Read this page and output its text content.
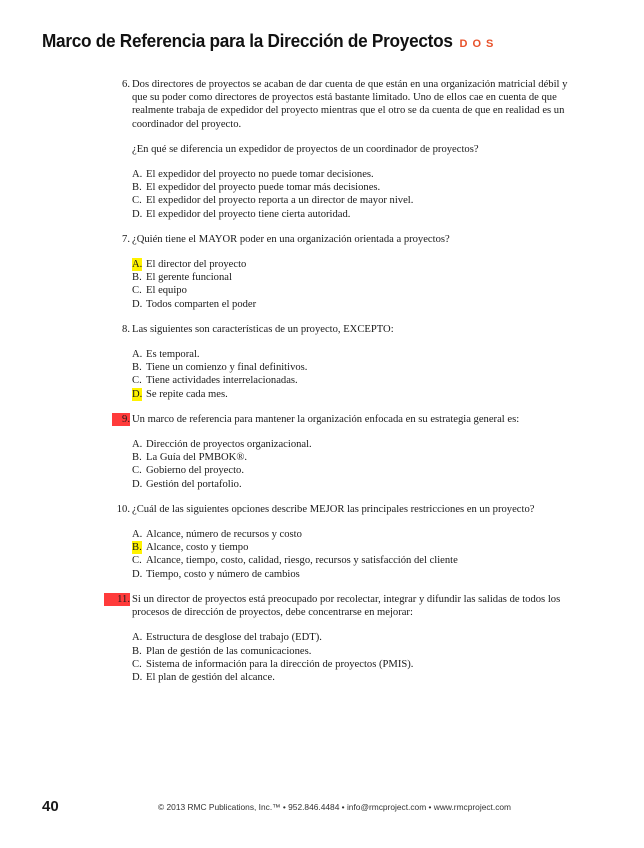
Marco de Referencia para la Dirección de Proyectos DOS
6. Dos directores de proyectos se acaban de dar cuenta de que están en una organización matricial débil y que su poder como directores de proyectos está bastante limitado. Uno de ellos cae en cuenta de que realmente trabaja de expedidor del proyecto mientras que el otro se da cuenta de que en realidad es un coordinador del proyecto.

¿En qué se diferencia un expedidor de proyectos de un coordinador de proyectos?

A. El expedidor del proyecto no puede tomar decisiones.
B. El expedidor del proyecto puede tomar más decisiones.
C. El expedidor del proyecto reporta a un director de mayor nivel.
D. El expedidor del proyecto tiene cierta autoridad.
7. ¿Quién tiene el MAYOR poder en una organización orientada a proyectos?

A. El director del proyecto
B. El gerente funcional
C. El equipo
D. Todos comparten el poder
8. Las siguientes son características de un proyecto, EXCEPTO:

A. Es temporal.
B. Tiene un comienzo y final definitivos.
C. Tiene actividades interrelacionadas.
D. Se repite cada mes.
9. Un marco de referencia para mantener la organización enfocada en su estrategia general es:

A. Dirección de proyectos organizacional.
B. La Guía del PMBOK®.
C. Gobierno del proyecto.
D. Gestión del portafolio.
10. ¿Cuál de las siguientes opciones describe MEJOR las principales restricciones en un proyecto?

A. Alcance, número de recursos y costo
B. Alcance, costo y tiempo
C. Alcance, tiempo, costo, calidad, riesgo, recursos y satisfacción del cliente
D. Tiempo, costo y número de cambios
11. Si un director de proyectos está preocupado por recolectar, integrar y difundir las salidas de todos los procesos de dirección de proyectos, debe concentrarse en mejorar:

A. Estructura de desglose del trabajo (EDT).
B. Plan de gestión de las comunicaciones.
C. Sistema de información para la dirección de proyectos (PMIS).
D. El plan de gestión del alcance.
40	© 2013 RMC Publications, Inc.™ • 952.846.4484 • info@rmcproject.com • www.rmcproject.com
